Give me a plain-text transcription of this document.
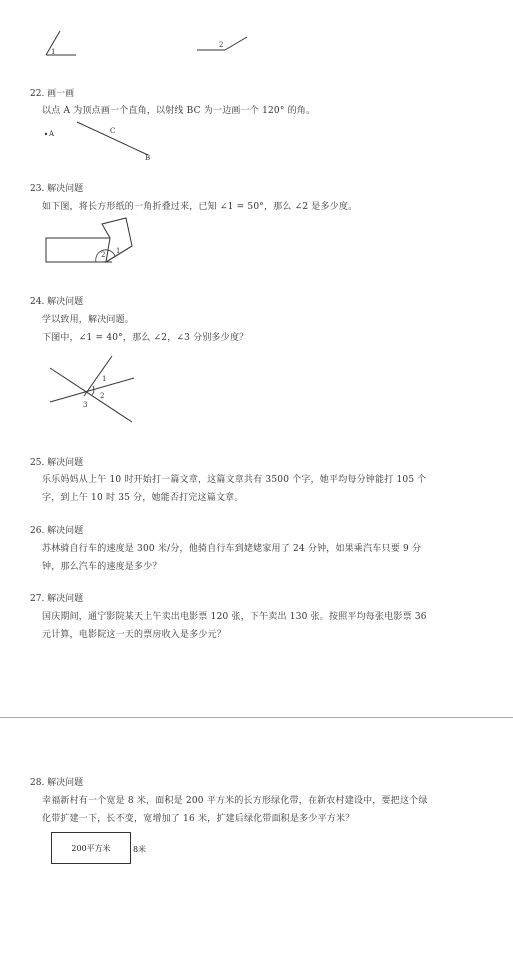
1
2
22. 画一画
以点 A 为顶点画一个直角，以射线 BC 为一边画一个 120° 的角。
A	C
B
23. 解决问题
如下图，将长方形纸的一角折叠过来，已知 ∠1 = 50°，那么 ∠2 是多少度。
2 1
24. 解决问题
学以致用，解决问题。
下图中，∠1 = 40°，那么 ∠2，∠3 分别多少度？
1
2
3
25. 解决问题
乐乐妈妈从上午 10 时开始打一篇文章，这篇文章共有 3500 个字，她平均每分钟能打 105 个
字，到上午 10 时 35 分，她能否打完这篇文章。
26. 解决问题
苏林骑自行车的速度是 300 米/分，他骑自行车到姥姥家用了 24 分钟，如果乘汽车只要 9 分
钟，那么汽车的速度是多少？
27. 解决问题
国庆期间，通宁影院某天上午卖出电影票 120 张，下午卖出 130 张。按照平均每张电影票 36
元计算，电影院这一天的票房收入是多少元？
28. 解决问题
幸福新村有一个宽是 8 米，面积是 200 平方米的长方形绿化带，在新农村建设中，要把这个绿
化带扩建一下，长不变，宽增加了 16 米，扩建后绿化带面积是多少平方米？
200平方米	8米
